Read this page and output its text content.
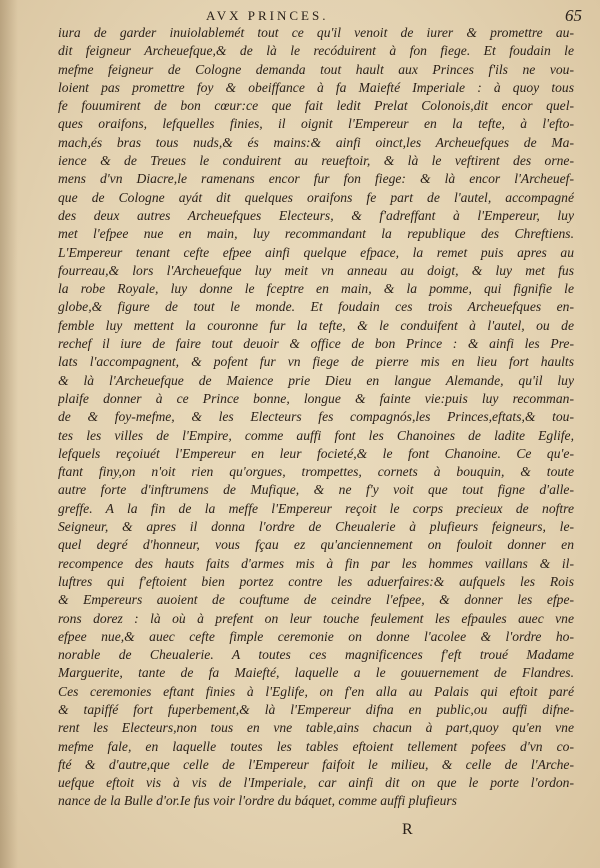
AVX PRINCES.	65
iura de garder inuiolablemét tout ce qu'il venoit de iurer & promettre au-
dit feigneur Archeuefque,& de là le recóduirent à fon fiege. Et foudain le
mefme feigneur de Cologne demanda tout hault aux Princes f'ils ne vou-
loient pas promettre foy & obeiffance à fa Maiefté Imperiale : à quoy tous
fe fouumirent de bon cœur:ce que fait ledit Prelat Colonois,dit encor quel-
ques oraifons, lefquelles finies, il oignit l'Empereur en la tefte, à l'efto-
mach,és bras tous nuds,& és mains:& ainfi oinct,les Archeuefques de Ma-
ience & de Treues le conduirent au reueftoir, & là le veftirent des orne-
mens d'vn Diacre,le ramenans encor fur fon fiege: & là encor l'Archeuef-
que de Cologne ayát dit quelques oraifons fe part de l'autel, accompagné
des deux autres Archeuefques Electeurs, & f'adreffant à l'Empereur, luy
met l'efpee nue en main, luy recommandant la republique des Chreftiens.
L'Empereur tenant cefte efpee ainfi quelque efpace, la remet puis apres au
fourreau,& lors l'Archeuefque luy meit vn anneau au doigt, & luy met fus
la robe Royale, luy donne le fceptre en main, & la pomme, qui fignifie le
globe,& figure de tout le monde. Et foudain ces trois Archeuefques en-
femble luy mettent la couronne fur la tefte, & le conduifent à l'autel, ou de
rechef il iure de faire tout deuoir & office de bon Prince : & ainfi les Pre-
lats l'accompagnent, & pofent fur vn fiege de pierre mis en lieu fort haults
& là l'Archeuefque de Maience prie Dieu en langue Alemande, qu'il luy
plaife donner à ce Prince bonne, longue & fainte vie:puis luy recomman-
de & foy-mefme, & les Electeurs fes compagnós,les Princes,eftats,& tou-
tes les villes de l'Empire, comme auffi font les Chanoines de ladite Eglife,
lefquels reçoiuét l'Empereur en leur focieté,& le font Chanoine. Ce qu'e-
ftant finy,on n'oit rien qu'orgues, trompettes, cornets à bouquin, & toute
autre forte d'inftrumens de Mufique, & ne f'y voit que tout figne d'alle-
greffe. A la fin de la meffe l'Empereur reçoit le corps precieux de noftre
Seigneur, & apres il donna l'ordre de Cheualerie à plufieurs feigneurs, le-
quel degré d'honneur, vous fçau ez qu'anciennement on fouloit donner en
recompence des hauts faits d'armes mis à fin par les hommes vaillans & il-
luftres qui f'eftoient bien portez contre les aduerfaires:& aufquels les Rois
& Empereurs auoient de couftume de ceindre l'efpee, & donner les efpe-
rons dorez : là où à prefent on leur touche feulement les efpaules auec vne
efpee nue,& auec cefte fimple ceremonie on donne l'acolee & l'ordre ho-
norable de Cheualerie. A toutes ces magnificences f'eft troué Madame
Marguerite, tante de fa Maiefté, laquelle a le gouuernement de Flandres.
Ces ceremonies eftant finies à l'Eglife, on f'en alla au Palais qui eftoit paré
& tapiffé fort fuperbement,& là l'Empereur difna en public,ou auffi difne-
rent les Electeurs,non tous en vne table,ains chacun à part,quoy qu'en vne
mefme fale, en laquelle toutes les tables eftoient tellement pofees d'vn co-
fté & d'autre,que celle de l'Empereur faifoit le milieu, & celle de l'Arche-
uefque eftoit vis à vis de l'Imperiale, car ainfi dit on que le porte l'ordon-
nance de la Bulle d'or.Ie fus voir l'ordre du báquet, comme auffi plufieurs
R
